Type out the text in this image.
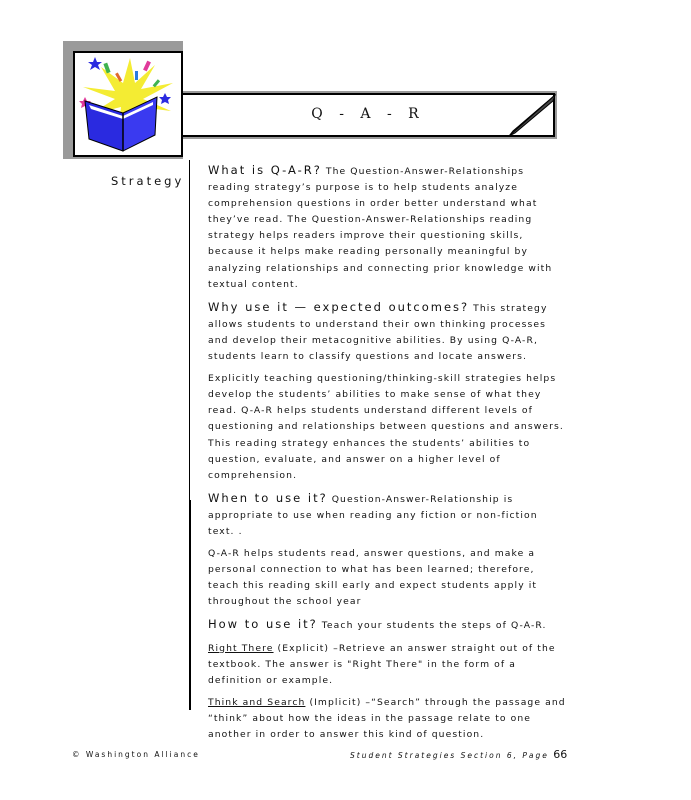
Q - A - R
Strategy

What is Q-A-R? The Question-Answer-Relationships reading strategy’s purpose is to help students analyze comprehension questions in order better understand what they’ve read. The Question-Answer-Relationships reading strategy helps readers improve their questioning skills, because it helps make reading personally meaningful by analyzing relationships and connecting prior knowledge with textual content.

Why use it — expected outcomes? This strategy allows students to understand their own thinking processes and develop their metacognitive abilities. By using Q-A-R, students learn to classify questions and locate answers.

Explicitly teaching questioning/thinking-skill strategies helps develop the students’ abilities to make sense of what they read. Q-A-R helps students understand different levels of questioning and relationships between questions and answers. This reading strategy enhances the students’ abilities to question, evaluate, and answer on a higher level of comprehension.

When to use it? Question-Answer-Relationship is appropriate to use when reading any fiction or non-fiction text. .

Q-A-R helps students read, answer questions, and make a personal connection to what has been learned; therefore, teach this reading skill early and expect students apply it throughout the school year

How to use it? Teach your students the steps of Q-A-R.

Right There (Explicit) –Retrieve an answer straight out of the textbook. The answer is "Right There" in the form of a definition or example.

Think and Search (Implicit) –“Search” through the passage and “think” about how the ideas in the passage relate to one another in order to answer this kind of question.

© Washington Alliance	Student Strategies Section 6, Page 66
